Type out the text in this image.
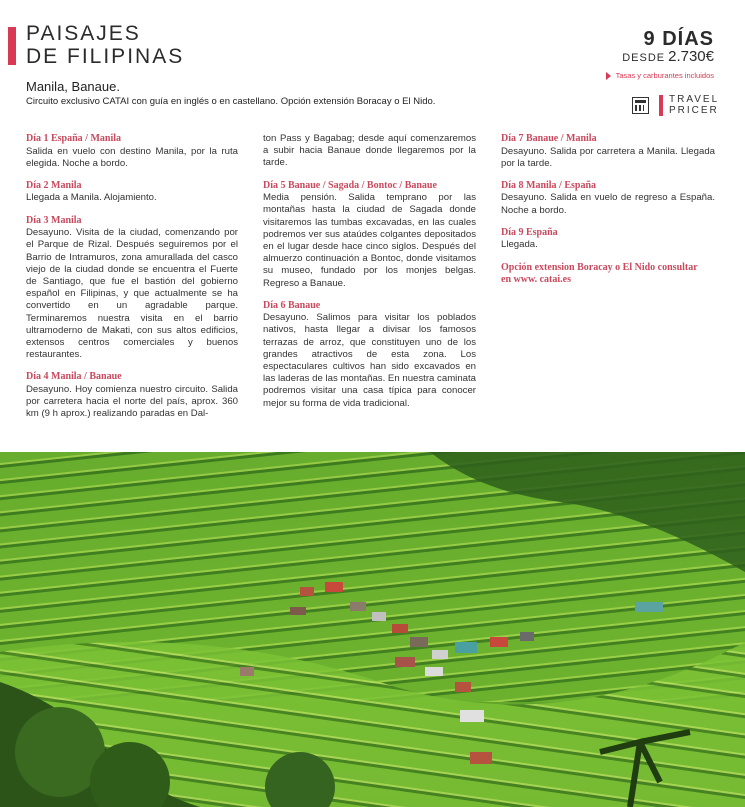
PAISAJES
DE FILIPINAS
9 DÍAS
DESDE 2.730€
Tasas y carburantes incluidos
TRAVEL
PRICER
Manila, Banaue.

Circuito exclusivo CATAI con guía en inglés o en castellano. Opción extensión Boracay o El Nido.

Día 1 España / Manila
Salida en vuelo con destino Manila, por la ruta elegida. Noche a bordo.
Día 2 Manila
Llegada a Manila. Alojamiento.
Día 3 Manila
Desayuno. Visita de la ciudad, comenzando por el Parque de Rizal. Después seguiremos por el Barrio de Intramuros, zona amurallada del casco viejo de la ciudad donde se encuentra el Fuerte de Santiago, que fue el bastión del gobierno español en Filipinas, y que actualmente se ha convertido en un agradable parque. Terminaremos nuestra visita en el barrio ultramoderno de Makati, con sus altos edificios, extensos centros comerciales y buenos restaurantes.
Día 4 Manila / Banaue
Desayuno. Hoy comienza nuestro circuito. Salida por carretera hacia el norte del país, aprox. 360 km (9 h aprox.) realizando paradas en Dal-
ton Pass y Bagabag; desde aquí comenzaremos a subir hacia Banaue donde llegaremos por la tarde.
Día 5 Banaue / Sagada / Bontoc / Banaue
Media pensión. Salida temprano por las montañas hasta la ciudad de Sagada donde visitaremos las tumbas excavadas, en las cuales podremos ver sus ataúdes colgantes depositados en el lugar desde hace cinco siglos. Después del almuerzo continuación a Bontoc, donde visitamos su museo, fundado por los monjes belgas. Regreso a Banaue.
Día 6 Banaue
Desayuno. Salimos para visitar los poblados nativos, hasta llegar a divisar los famosos terrazas de arroz, que constituyen uno de los grandes atractivos de esta zona. Los espectaculares cultivos han sido excavados en las laderas de las montañas. En nuestra caminata podremos visitar una casa típica para conocer mejor su forma de vida tradicional.
Día 7 Banaue / Manila
Desayuno. Salida por carretera a Manila. Llegada por la tarde.
Día 8 Manila / España
Desayuno. Salida en vuelo de regreso a España. Noche a bordo.
Día 9 España
Llegada.
Opción extension Boracay o El Nido consultar
en www. catai.es
